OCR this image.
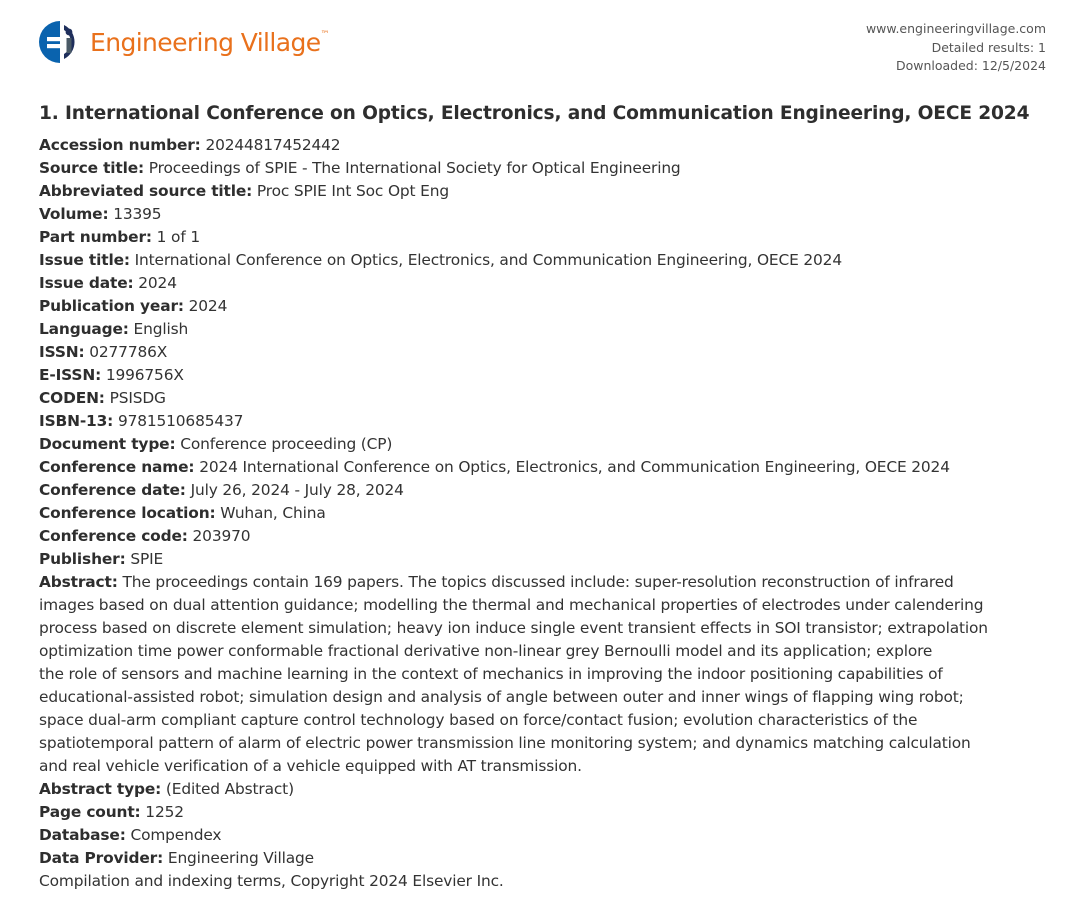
Engineering Village™	www.engineeringvillage.com
Detailed results: 1
Downloaded: 12/5/2024
1. International Conference on Optics, Electronics, and Communication Engineering, OECE 2024
Accession number: 20244817452442
Source title: Proceedings of SPIE - The International Society for Optical Engineering
Abbreviated source title: Proc SPIE Int Soc Opt Eng
Volume: 13395
Part number: 1 of 1
Issue title: International Conference on Optics, Electronics, and Communication Engineering, OECE 2024
Issue date: 2024
Publication year: 2024
Language: English
ISSN: 0277786X
E-ISSN: 1996756X
CODEN: PSISDG
ISBN-13: 9781510685437
Document type: Conference proceeding (CP)
Conference name: 2024 International Conference on Optics, Electronics, and Communication Engineering, OECE 2024
Conference date: July 26, 2024 - July 28, 2024
Conference location: Wuhan, China
Conference code: 203970
Publisher: SPIE
Abstract: The proceedings contain 169 papers. The topics discussed include: super-resolution reconstruction of infrared
images based on dual attention guidance; modelling the thermal and mechanical properties of electrodes under calendering
process based on discrete element simulation; heavy ion induce single event transient effects in SOI transistor; extrapolation
optimization time power conformable fractional derivative non-linear grey Bernoulli model and its application; explore
the role of sensors and machine learning in the context of mechanics in improving the indoor positioning capabilities of
educational-assisted robot; simulation design and analysis of angle between outer and inner wings of flapping wing robot;
space dual-arm compliant capture control technology based on force/contact fusion; evolution characteristics of the
spatiotemporal pattern of alarm of electric power transmission line monitoring system; and dynamics matching calculation
and real vehicle verification of a vehicle equipped with AT transmission.
Abstract type: (Edited Abstract)
Page count: 1252
Database: Compendex
Data Provider: Engineering Village
Compilation and indexing terms, Copyright 2024 Elsevier Inc.
